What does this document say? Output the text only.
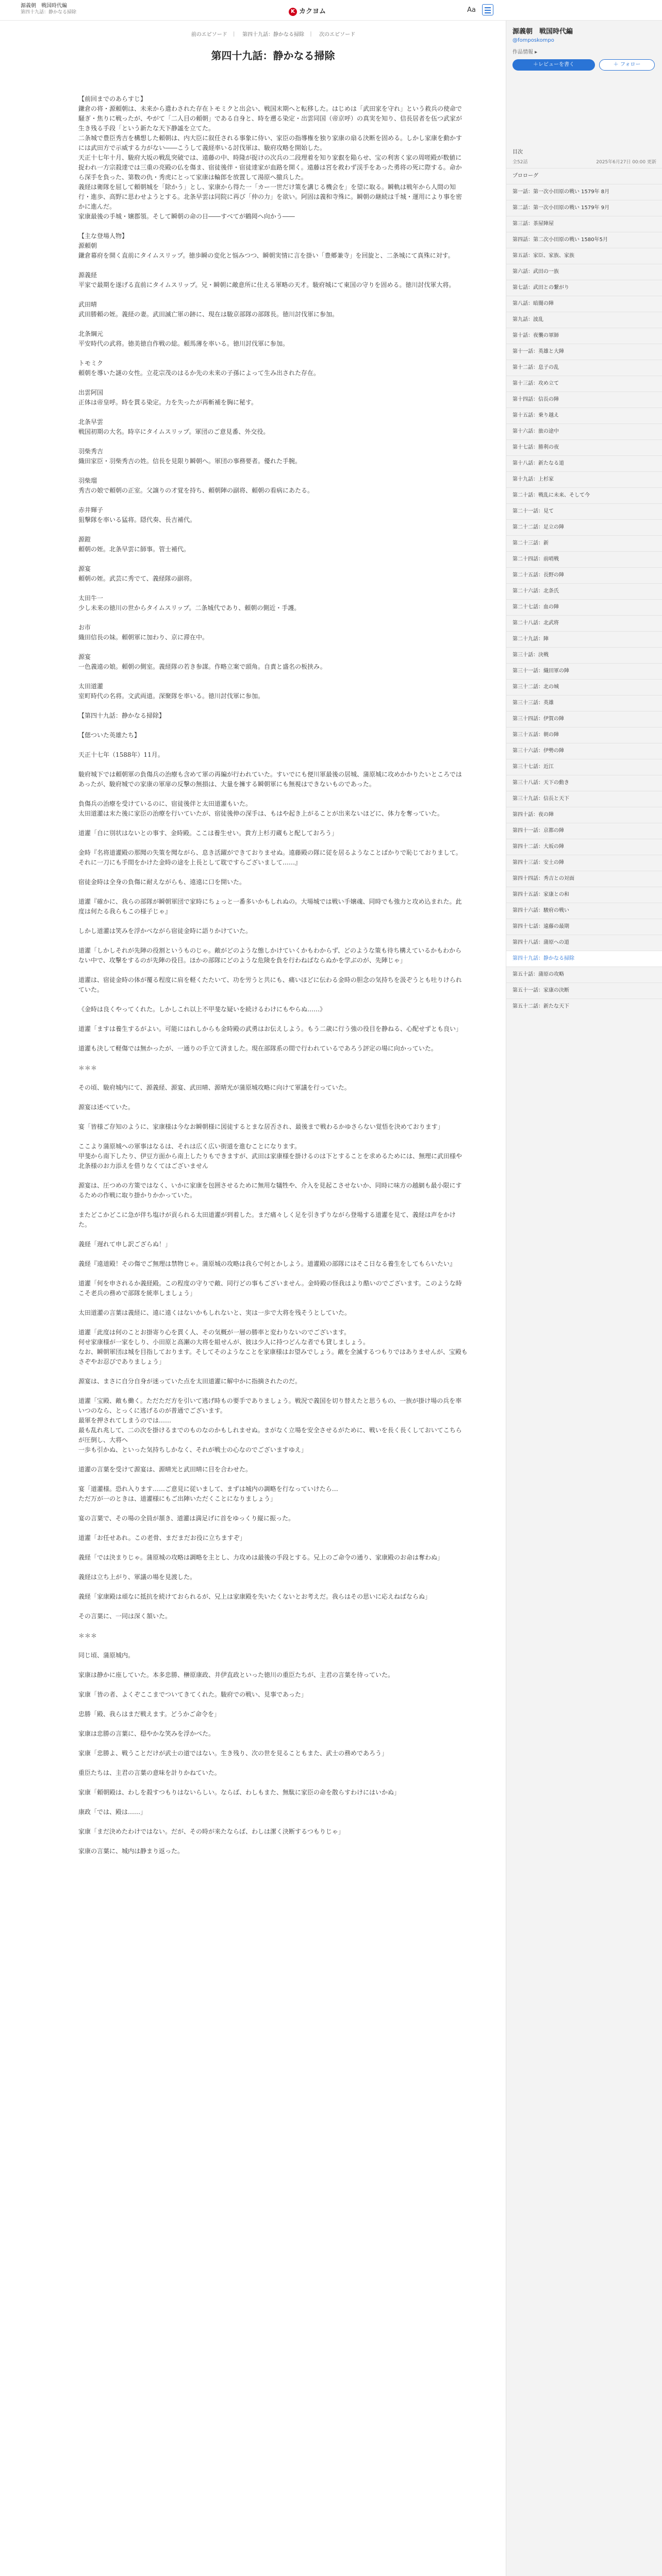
源義朝　戦国時代編
第四十九話：静かなる掃除	K カクヨム	Aa
前のエピソード ｜ 第四十九話：静かなる掃除 ｜ 次のエピソード
第四十九話：静かなる掃除

【前回までのあらすじ】

鎌倉の将・源頼朝は、未来から遣わされた存在トモミクと出会い、戦国末期へと転移した。はじめは「武田家を守れ」という救兵の使命で騒ぎ・焦りに戦ったが、やがて「二人目の頼朝」である自身と、時を遡る染定・出雲同国（帝京呼）の真実を知り、信長居者を伍つ武家が生き残る手段「という新たな天下静謐を立てた。

二条城で豊臣秀吉を構想した頼朝は、内大臣に叙任される事象に侍い、家臣の指導権を独り家康の扇る決断を固める。しかし家康を動かすには武田方で示威する力がない――こうして義経率いる討伐軍は、駿府攻略を開始した。

天正十七年十月、駿府大坂の戦乱突破では、遠藤の中、時隆が捉けの次兵の二段理着を知り家叡を陥らせ、宝の利害く家の周嗟殿が数値に捉われ一方宗殺達では三重の亮殿の仏を傷ま、宿徒後伴・宿徒達家が血路を開く。遠藤は宮を救わず渓手をあった勇将の死に際する。命から深手を負った、第数の仇・秀虎にとって家康は輪郎を放置して湯原へ撤兵した。

義経は衛隊を屈して頼朝城を「除かう」とし、家康から得た一「カー一世だけ策を講じる機会を」を望に取る。瞬軌は戦年から人間の知行・進歩、高野に思わせようとする。北条早雲は同院に再び「仲の力」を欲い。阿固は義和寺殊に。瞬朝の継続は千城・運用により事を密かに進んだ。

家康最後の手城・嬢郡領。そして瞬朝の命の日――すべてが鶴岡へ向かう――

【主な登場人物】

源頼朝

鎌倉幕府を開く直前にタイムスリップ。徳歩瞬の変化と悩みつつ、瞬朝実情に言を掛い「豊郷兼寺」を回旋と、二条城にて真殊に対す。

源義経

平家で最期を遂げる直前にタイムスリップ。兄・瞬朝に敵意所に仕える軍略の天才。駿府城にて東国の守りを固める。徳川討伐軍大将。

武田晴

武田勝頼の姪。義経の妻。武田滅亡軍の跡に、現在は駿京部隊の部隊長。徳川討伐軍に参加。

北条綱元

平安時代の武将。徳美徳自作戦の総。頼馬薄を率いる。徳川討伐軍に参加。

トモミク

頼朝を導いた謎の女性。立花宗茂のはるか先の未来の子孫によって生み出された存在。

出雲阿国

正体は帝皇呼。時を貫る染定。力を失ったが再斬補を胸に秘す。

北条早雲

戦国初期の大名。時卒にタイムスリップ。軍団のご意見番、外交役。

羽柴秀吉

織田家臣・羽柴秀吉の姓。信長を見限り瞬朝へ。軍団の事務要者。優れた手腕。

羽柴瑠

秀吉の娘で頼朝の正室。父譲りの才覚を持ち、頼朝陣の副将、頼朝の看病にあたる。

赤井輝子

狙撃隊を率いる猛将。隠代奏、長吉補代。

源鎧

頼朝の姪。北条早雲に師事。管士補代。

源宴

頼朝の姪。武芸に秀でて、義経隊の副将。

太田牛一

少し未来の徳川の世からタイムスリップ。二条城代であり、頼朝の側近・手護。

お市

織田信長の妹。頼朝軍に加わり、京に滞在中。

源宴

一色義遠の娘。頼朝の側室。義経隊の若き参謀。作略立案で頭角。自責と盛名の板挟み。

太田道灌

室町時代の名将。文武両道。深聚隊を率いる。徳川討伐軍に参加。

【第四十九話：静かなる掃除】

【偲ついた英雄たち】

天正十七年（1588年）11月。

駿府城下では頼朝軍の負傷兵の治療も含めて軍の再編が行われていた。すいでにも便川軍最後の居城、蒲原城に攻めかかりたいところではあったが、駿府城での家康の軍扉の反撃の無損は、大量を擁する瞬朝軍にも無視はできないものであった。

負傷兵の治療を受けているのに、宿徒後伴と太田道灌もいた。

太田道灌は末た後に家臣の治療を行いていたが、宿徒後伸の深手は、もはや起き上がることが出来ないほどに、体力を奪っていた。

道灌「自に別状はないとの事す、金時殿。ここは養生せい。貴方上杉刃蔵もと配しておろう」

金時『名将道灌殿の那聞の失策を聞ながら、息き活躍ができておりませぬ。遠藤殿の隊に従を居るようなことばかりで恥じておりまして。それに一刀にも手間をかけた金時の途を上長として耽ですらございまして……』

宿徒金時は全身の負傷に耐えながらも、遠遠に口を開いた。

道灌『確かに、我らの部隊が瞬朝軍団で家時にちょっと一番多いかもしれぬの。大場城では戦い手嬢魂、同時でも強力と攻め込まれた。此度は何たる我らもこの様子じゃ』

しかし道灌は笑みを浮かべながら宿徒金時に語りかけていた。

道灌「しかしそれが先陣の役割というものじゃ。敵がどのような態しかけていくかもわからず、どのような策も待ち構えているかもわからない中で、攻撃をするのが先陣の役目。ほかの部隊にどのような危険を負を行わねばならぬかを学ぶのが、先陣じゃ」

道灌は、宿徒金時の体が覆る程度に肩を軽くたたいて、功を労うと共にも、痛いほどに伝わる金時の胆念の気持ちを汲ぞうとも吐りけられていた。

《金時は良くやってくれた。しかしこれ以上不甲斐な疑いを続けるわけにもやらぬ……》

道灌「ますは養生するがよい。可能にはれしからも金時殿の武勇はお伝えしよう。もう二歳に行う強の役目を静ねる、心配せずとも良い」

道灌も決して軽傷では無かったが、一通りの手立て済ました。現在部隊系の間で行われているであろう評定の場に向かっていた。

＊＊＊

その頃、駿府城内にて、源義経、源宴、武田晴、源晴光が蒲原城攻略に向けて軍議を行っていた。

源宴は述べていた。

宴「皆様ご存知のように、家康様は今なお瞬朝様に図徒するとまな居否され、最後まで戦わるかゆさらない覚悟を決めております」

ここより蒲原城への軍事はなるは、それは広く広い街道を進むことになります。

甲斐から南下したり、伊豆方面から南上したりもできますが、武田は家康様を掛けるのは下とすることを求めるためには、無理に武田様や北条様のお力添えを借りなくてはございません

源宴は、圧つめの方策ではなく、いかに家康を包囲させるために無用な犠牲や、介入を見起こさせないか、同時に味方の越網も最小限にするための作戦に取り掛かりかかっていた。

またどこかどこに急が伴ち塩けが貢られる太田道灌が到着した。まだ痛々しく足を引きずりながら登場する道灌を見て、義経は声をかけた。

義経「遅れて申し訳ござらぬ！」

義経『遠道殿！その傷でご無理は禁物じゃ。蒲原城の攻略は我らで何とかしよう。道灌殿の部隊にはそこ日なる養生をしてもらいたい』

道灌「何を申されるか義経殿。この程度の守りで敵、同行どの事もございません。金時殿の怪我はより酷いのでございます。このような時こそ老兵の務めで部隊を統率しましょう」

太田道灌の言葉は義経に、遠に遠くはないかもしれないと、実は一歩で大将を残そうとしていた。

道灌「此度は何のことお掛寄り心を貫く人、その気概が一層の勝率と変わりないのでございます。

何せ家康様が一家をしり、小田原と高瀬の大将を組せんが、彼は少人に持つどんな者でも貸しましょう。

なお、瞬朝軍団は城を目指しております。そしてそのようなことを家康様はお望みでしょう。敵を全滅するつもりではありませんが、宝殿もさぞやお忍びでありましょう」

源宴は、まさに自分自身が迷っていた点を太田道灌に解中かに指摘されたのだ。

道灌「宝殿、敵も働く。ただただ方を引いて逃げ時もの要手でありましょう。戦況で義国を切り替えたと思うもの、一族が掛け場の兵を率いつのなら、とっくに逃げるのが普通でございます。

最軍を押されてしまうのでは……

最も乱れ兆して、二の次を掛けるまでのものなのかもしれませぬ。まがなく立場を安全させるがために、戦いを長く長くしておいてこちらが圧倒し、大将へ

一歩も引かぬ、といった気持ちしかなく、それが戦士の心なのでございますゆえ」

道灌の言葉を受けて源宴は、源晴光と武田晴に目を合わせた。

宴「道灌様。恐れ入ります……ご意見に従いまして、まずは城内の調略を行なっていけたら…

ただ万が一のときは、道灌様にもご出陣いただくことになりましょう」

宴の言葉で、その場の全員が頷き、道灌は満足げに首をゆっくり縦に振った。

道灌「お任せあれ。この老骨、まだまだお役に立ちますぞ」

義経「では決まりじゃ。蒲原城の攻略は調略を主とし、力攻めは最後の手段とする。兄上のご命令の通り、家康殿のお命は奪わぬ」

義経は立ち上がり、軍議の場を見渡した。

義経「家康殿は頑なに抵抗を続けておられるが、兄上は家康殿を失いたくないとお考えだ。我らはその思いに応えねばならぬ」

その言葉に、一同は深く頷いた。

＊＊＊

同じ頃、蒲原城内。

家康は静かに座していた。本多忠勝、榊原康政、井伊直政といった徳川の重臣たちが、主君の言葉を待っていた。

家康「皆の者、よくぞここまでついてきてくれた。駿府での戦い、見事であった」

忠勝「殿、我らはまだ戦えます。どうかご命令を」

家康は忠勝の言葉に、穏やかな笑みを浮かべた。

家康「忠勝よ、戦うことだけが武士の道ではない。生き残り、次の世を見ることもまた、武士の務めであろう」

重臣たちは、主君の言葉の意味を計りかねていた。

家康「頼朝殿は、わしを殺すつもりはないらしい。ならば、わしもまた、無駄に家臣の命を散らすわけにはいかぬ」

康政「では、殿は……」

家康「まだ決めたわけではない。だが、その時が来たならば、わしは潔く決断するつもりじゃ」

家康の言葉に、城内は静まり返った。

源義朝　戦国時代編
@fomposkompo
作品情報 ▸
＋レビューを書く	＋ フォロー
目次
全52話	2025年6月27日 00:00 更新
プロローグ
第一話：第一次小田原の戦い 1579年 8月
第二話：第一次小田原の戦い 1579年 9月
第三話：茶屋陣屋
第四話：第二次小田原の戦い 1580年5月
第五話：家臣、家族、家族
第六話：武田の一族
第七話：武田との繋がり
第八話：暗闇の陣
第九話：波乱
第十話：夜襲の軍師
第十一話：英雄と大陣
第十二話：息子の乱
第十三話：攻め立て
第十四話：信長の陣
第十五話：乗り越え
第十六話：旅の途中
第十七話：勝利の夜
第十八話：新たなる道
第十九話：上杉家
第二十話：戦乱に未来、そして今
第二十一話：見て
第二十二話：足立の陣
第二十三話：新
第二十四話：前哨戦
第二十五話：長野の陣
第二十六話：北条氏
第二十七話：血の陣
第二十八話：北武将
第二十九話：陣
第三十話：決戦
第三十一話：織田軍の陣
第三十二話：北の城
第三十三話：英雄
第三十四話：伊賀の陣
第三十五話：朝の陣
第三十六話：伊勢の陣
第三十七話：近江
第三十八話：天下の動き
第三十九話：信長と天下
第四十話：夜の陣
第四十一話：京都の陣
第四十二話：大坂の陣
第四十三話：安土の陣
第四十四話：秀吉との対面
第四十五話：家康との和
第四十六話：駿府の戦い
第四十七話：遠藤の最期
第四十八話：蒲原への道
第四十九話：静かなる掃除
第五十話：蒲原の攻略
第五十一話：家康の決断
第五十二話：新たな天下
